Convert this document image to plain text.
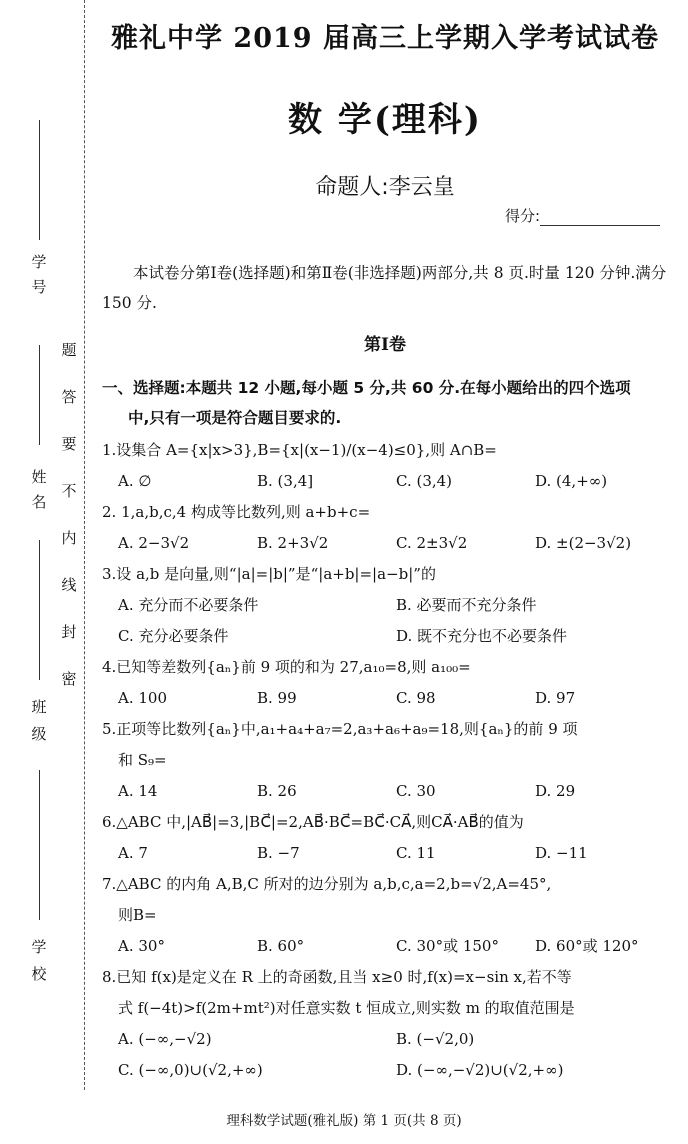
学
号
姓
名
班
级
学
校
题
答
要
不
内
线
封
密
雅礼中学 2019 届高三上学期入学考试试卷
数 学(理科)
命题人:李云皇
得分:
本试卷分第Ⅰ卷(选择题)和第Ⅱ卷(非选择题)两部分,共 8 页.时量 120 分钟.满分 150 分.
第Ⅰ卷
一、选择题:本题共 12 小题,每小题 5 分,共 60 分.在每小题给出的四个选项
中,只有一项是符合题目要求的.
1.设集合 A={x|x>3},B={x|(x−1)/(x−4)≤0},则 A∩B=
A. ∅	B. (3,4]	C. (3,4)	D. (4,+∞)
2. 1,a,b,c,4 构成等比数列,则 a+b+c=
A. 2−3√2	B. 2+3√2	C. 2±3√2	D. ±(2−3√2)
3.设 a,b 是向量,则“|a|=|b|”是“|a+b|=|a−b|”的
A. 充分而不必要条件	B. 必要而不充分条件
C. 充分必要条件	D. 既不充分也不必要条件
4.已知等差数列{aₙ}前 9 项的和为 27,a₁₀=8,则 a₁₀₀=
A. 100	B. 99	C. 98	D. 97
5.正项等比数列{aₙ}中,a₁+a₄+a₇=2,a₃+a₆+a₉=18,则{aₙ}的前 9 项
和 S₉=
A. 14	B. 26	C. 30	D. 29
6.△ABC 中,|AB⃗|=3,|BC⃗|=2,AB⃗·BC⃗=BC⃗·CA⃗,则CA⃗·AB⃗的值为
A. 7	B. −7	C. 11	D. −11
7.△ABC 的内角 A,B,C 所对的边分别为 a,b,c,a=2,b=√2,A=45°,
则B=
A. 30°	B. 60°	C. 30°或 150°	D. 60°或 120°
8.已知 f(x)是定义在 R 上的奇函数,且当 x≥0 时,f(x)=x−sin x,若不等
式 f(−4t)>f(2m+mt²)对任意实数 t 恒成立,则实数 m 的取值范围是
A. (−∞,−√2)	B. (−√2,0)
C. (−∞,0)∪(√2,+∞)	D. (−∞,−√2)∪(√2,+∞)
理科数学试题(雅礼版) 第 1 页(共 8 页)
